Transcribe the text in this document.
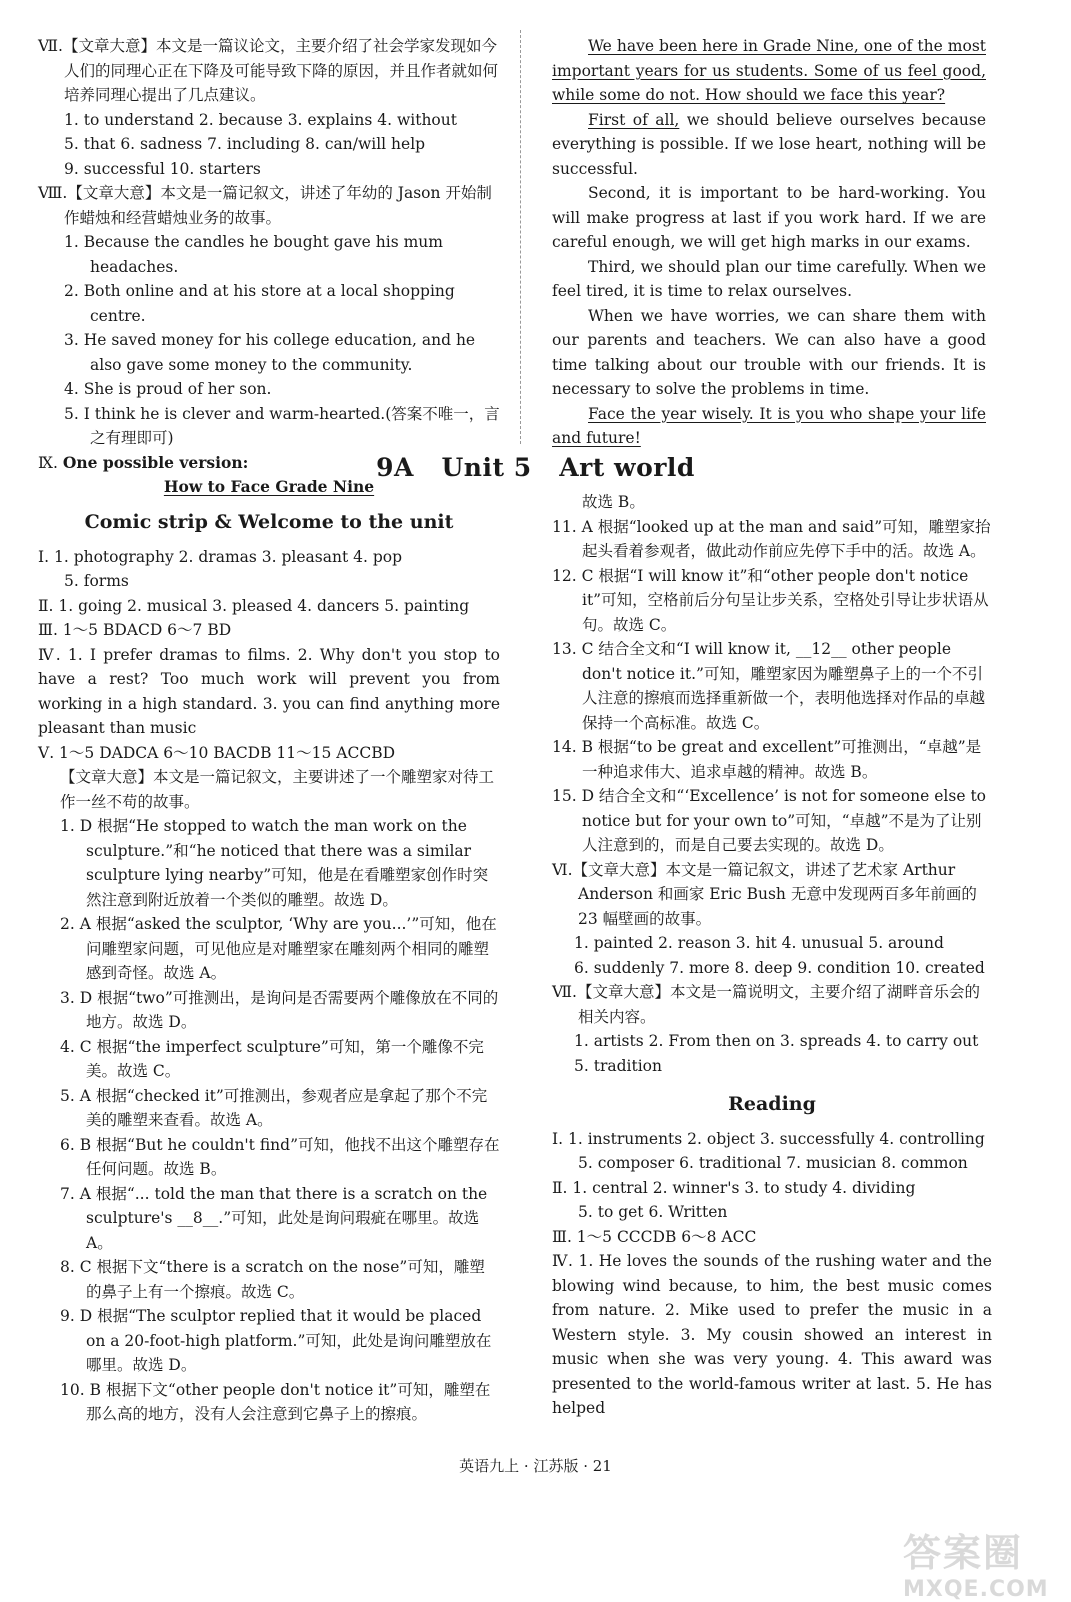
Ⅶ.【文章大意】本文是一篇议论文，主要介绍了社会学家发现如今人们的同理心正在下降及可能导致下降的原因，并且作者就如何培养同理心提出了几点建议。

1. to understand 2. because 3. explains 4. without

5. that 6. sadness 7. including 8. can/will help

9. successful 10. starters

Ⅷ.【文章大意】本文是一篇记叙文，讲述了年幼的 Jason 开始制作蜡烛和经营蜡烛业务的故事。

1. Because the candles he bought gave his mum headaches.

2. Both online and at his store at a local shopping centre.

3. He saved money for his college education, and he also gave some money to the community.

4. She is proud of her son.

5. I think he is clever and warm-hearted.(答案不唯一，言之有理即可)

Ⅸ. One possible version:

How to Face Grade Nine

We have been here in Grade Nine, one of the most important years for us students. Some of us feel good, while some do not. How should we face this year?

First of all, we should believe ourselves because everything is possible. If we lose heart, nothing will be successful.

Second, it is important to be hard-working. You will make progress at last if you work hard. If we are careful enough, we will get high marks in our exams.

Third, we should plan our time carefully. When we feel tired, it is time to relax ourselves.

When we have worries, we can share them with our parents and teachers. We can also have a good time talking about our trouble with our friends. It is necessary to solve the problems in time.

Face the year wisely. It is you who shape your life and future!

9A   Unit 5   Art world
Comic strip & Welcome to the unit

Ⅰ. 1. photography 2. dramas 3. pleasant 4. pop

5. forms

Ⅱ. 1. going 2. musical 3. pleased 4. dancers 5. painting

Ⅲ. 1～5 BDACD 6～7 BD

Ⅳ. 1. I prefer dramas to films. 2. Why don't you stop to have a rest? Too much work will prevent you from working in a high standard. 3. you can find anything more pleasant than music

Ⅴ. 1～5 DADCA 6～10 BACDB 11～15 ACCBD

【文章大意】本文是一篇记叙文，主要讲述了一个雕塑家对待工作一丝不苟的故事。

1. D 根据“He stopped to watch the man work on the sculpture.”和“he noticed that there was a similar sculpture lying nearby”可知，他是在看雕塑家创作时突然注意到附近放着一个类似的雕塑。故选 D。

2. A 根据“asked the sculptor, ‘Why are you...’”可知，他在问雕塑家问题，可见他应是对雕塑家在雕刻两个相同的雕塑感到奇怪。故选 A。

3. D 根据“two”可推测出，是询问是否需要两个雕像放在不同的地方。故选 D。

4. C 根据“the imperfect sculpture”可知，第一个雕像不完美。故选 C。

5. A 根据“checked it”可推测出，参观者应是拿起了那个不完美的雕塑来查看。故选 A。

6. B 根据“But he couldn't find”可知，他找不出这个雕塑存在任何问题。故选 B。

7. A 根据“... told the man that there is a scratch on the sculpture's __8__.”可知，此处是询问瑕疵在哪里。故选 A。

8. C 根据下文“there is a scratch on the nose”可知，雕塑的鼻子上有一个擦痕。故选 C。

9. D 根据“The sculptor replied that it would be placed on a 20-foot-high platform.”可知，此处是询问雕塑放在哪里。故选 D。

10. B 根据下文“other people don't notice it”可知，雕塑在那么高的地方，没有人会注意到它鼻子上的擦痕。

故选 B。

11. A 根据“looked up at the man and said”可知，雕塑家抬起头看着参观者，做此动作前应先停下手中的活。故选 A。

12. C 根据“I will know it”和“other people don't notice it”可知，空格前后分句呈让步关系，空格处引导让步状语从句。故选 C。

13. C 结合全文和“I will know it, __12__ other people don't notice it.”可知，雕塑家因为雕塑鼻子上的一个不引人注意的擦痕而选择重新做一个，表明他选择对作品的卓越保持一个高标准。故选 C。

14. B 根据“to be great and excellent”可推测出，“卓越”是一种追求伟大、追求卓越的精神。故选 B。

15. D 结合全文和“‘Excellence’ is not for someone else to notice but for your own to”可知，“卓越”不是为了让别人注意到的，而是自己要去实现的。故选 D。

Ⅵ.【文章大意】本文是一篇记叙文，讲述了艺术家 Arthur Anderson 和画家 Eric Bush 无意中发现两百多年前画的 23 幅壁画的故事。

1. painted 2. reason 3. hit 4. unusual 5. around

6. suddenly 7. more 8. deep 9. condition 10. created

Ⅶ.【文章大意】本文是一篇说明文，主要介绍了湖畔音乐会的相关内容。

1. artists 2. From then on 3. spreads 4. to carry out

5. tradition

Reading

Ⅰ. 1. instruments 2. object 3. successfully 4. controlling

5. composer 6. traditional 7. musician 8. common

Ⅱ. 1. central 2. winner's 3. to study 4. dividing

5. to get 6. Written

Ⅲ. 1～5 CCCDB 6～8 ACC

Ⅳ. 1. He loves the sounds of the rushing water and the blowing wind because, to him, the best music comes from nature. 2. Mike used to prefer the music in a Western style. 3. My cousin showed an interest in music when she was very young. 4. This award was presented to the world-famous writer at last. 5. He has helped

英语九上 · 江苏版 · 21
答案圈
MXQE.COM
